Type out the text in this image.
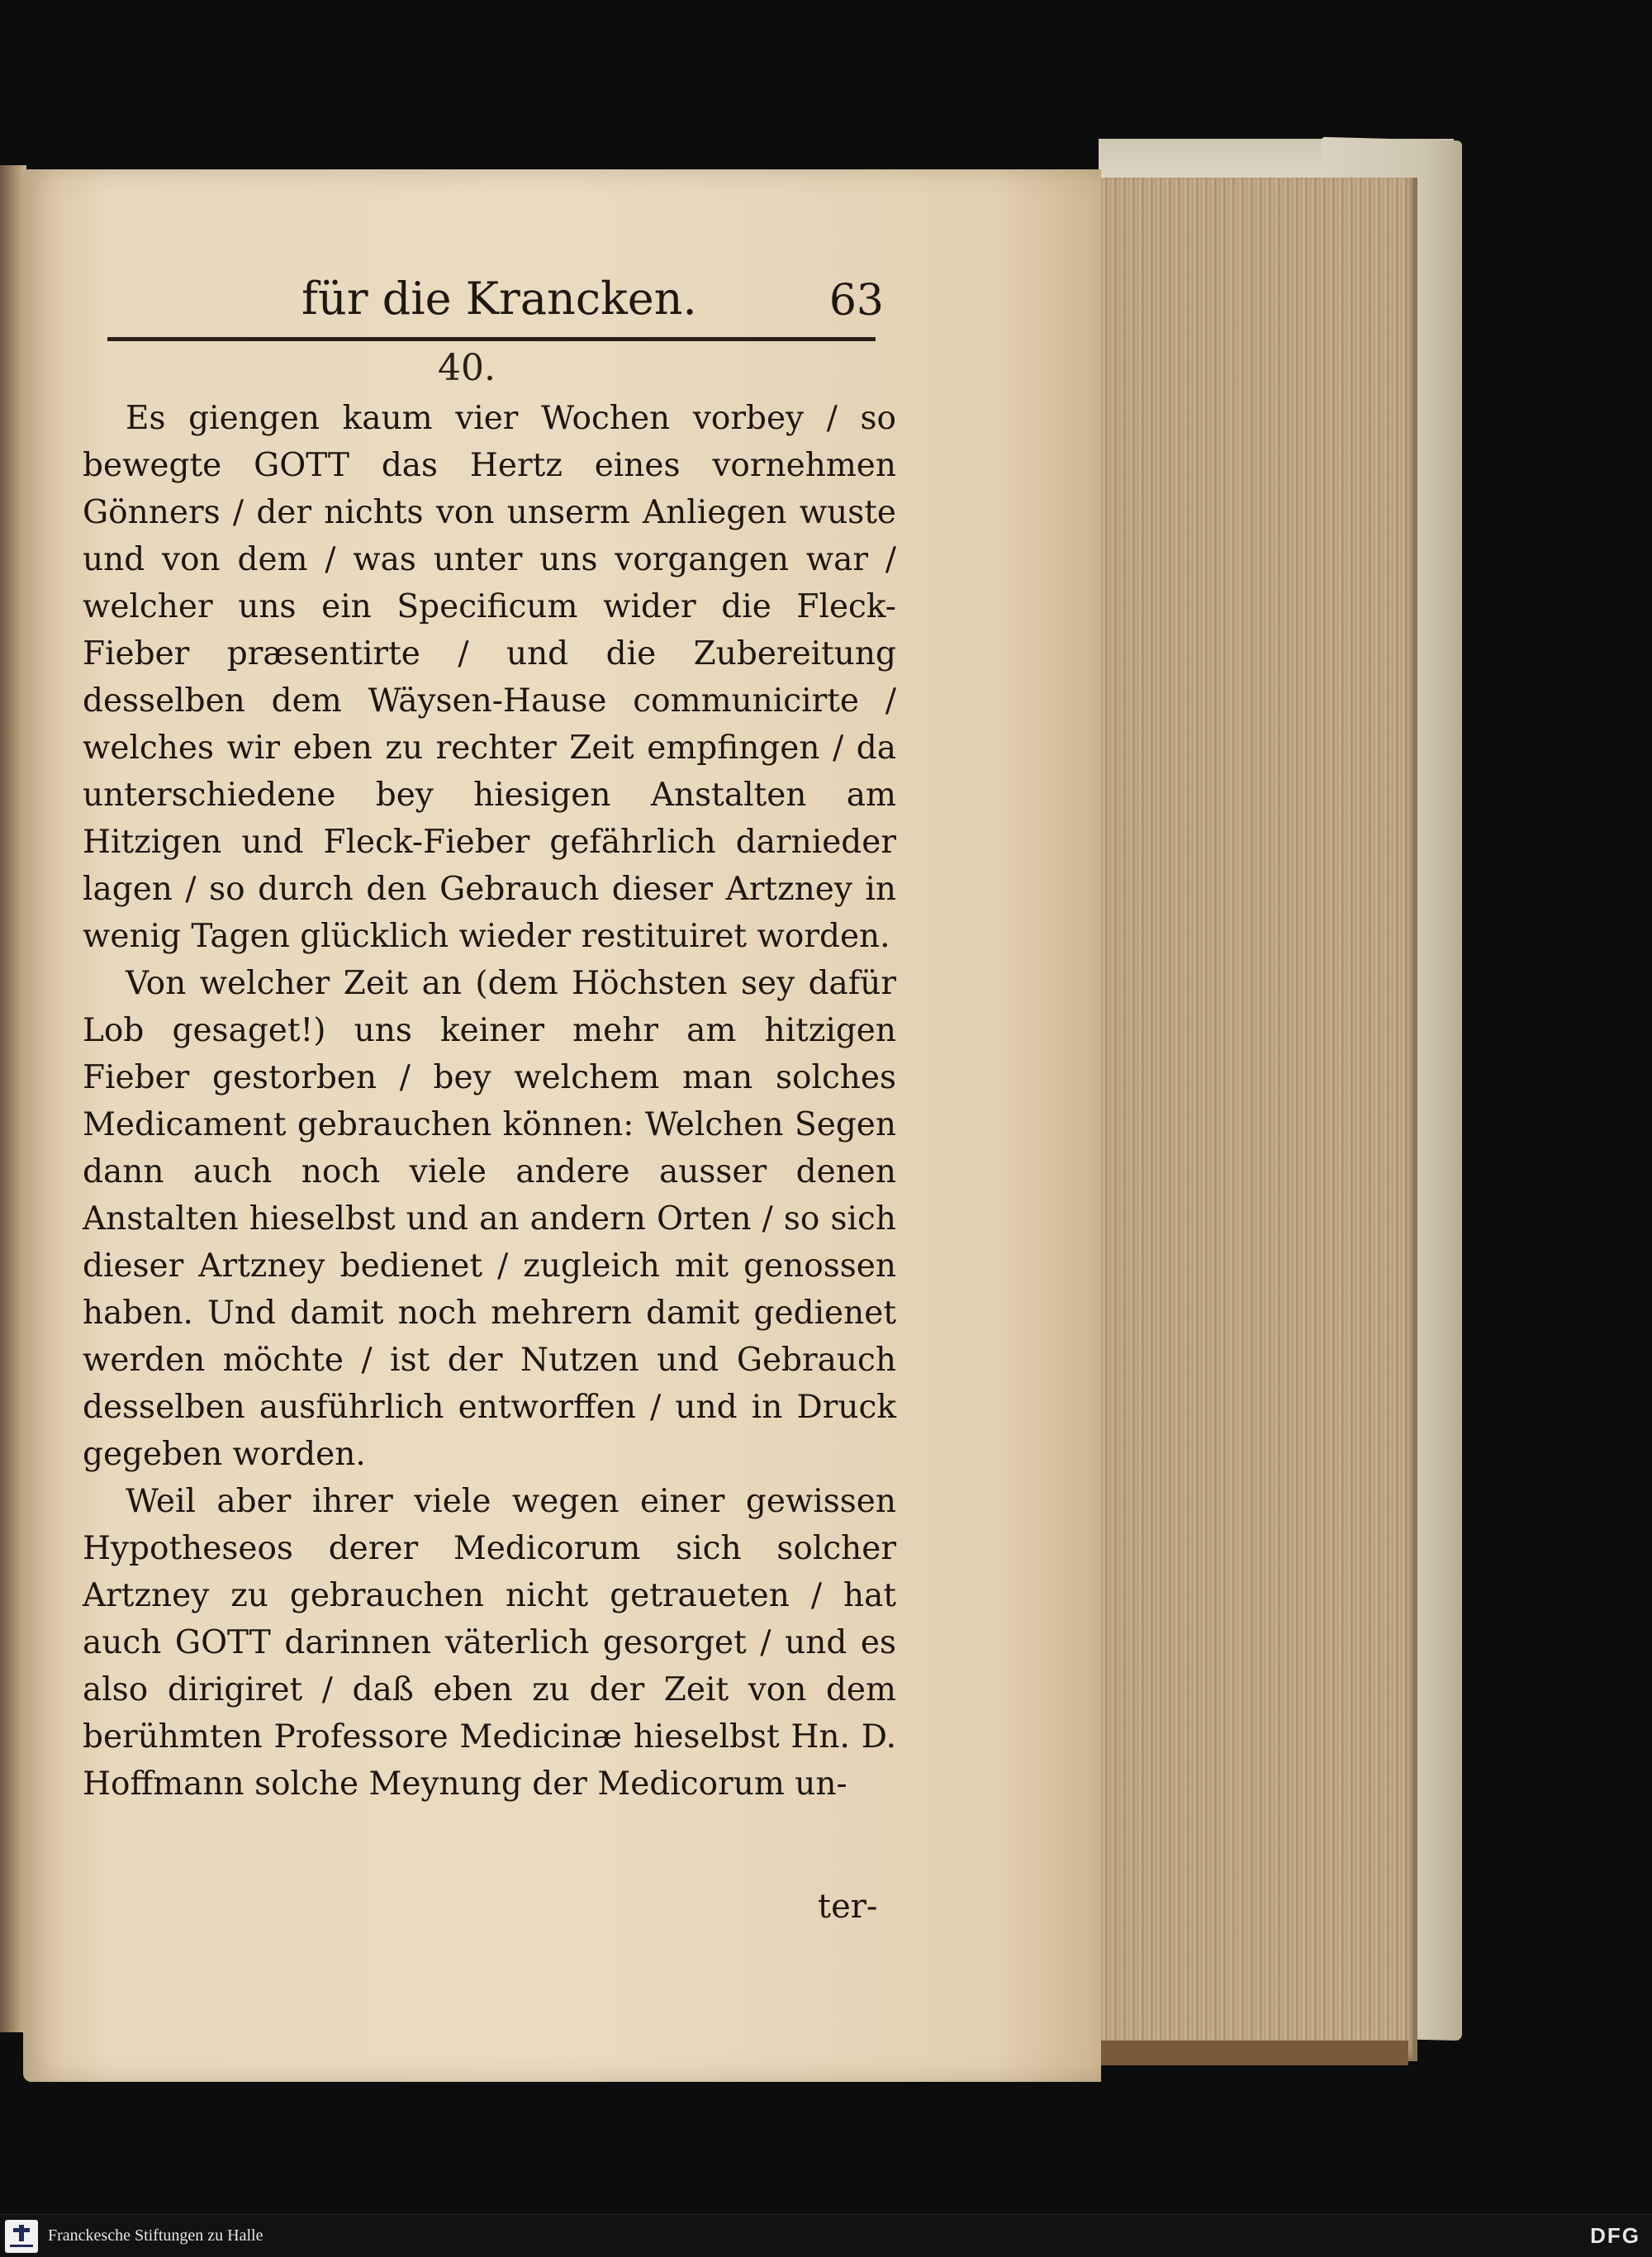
für die Krancken.	63
40.

Es giengen kaum vier Wochen vorbey / so bewegte GOTT das Hertz eines vornehmen Gönners / der nichts von unserm Anliegen wuste und von dem / was unter uns vorgangen war / welcher uns ein Specificum wider die Fleck-Fieber præsentirte / und die Zubereitung desselben dem Wäysen-Hause communicirte / welches wir eben zu rechter Zeit empfingen / da unterschiedene bey hiesigen Anstalten am Hitzigen und Fleck-Fieber gefährlich darnieder lagen / so durch den Gebrauch dieser Artzney in wenig Tagen glücklich wieder restituiret worden.

Von welcher Zeit an (dem Höchsten sey dafür Lob gesaget!) uns keiner mehr am hitzigen Fieber gestorben / bey welchem man solches Medicament gebrauchen können: Welchen Segen dann auch noch viele andere ausser denen Anstalten hieselbst und an andern Orten / so sich dieser Artzney bedienet / zugleich mit genossen haben. Und damit noch mehrern damit gedienet werden möchte / ist der Nutzen und Gebrauch desselben ausführlich entworffen / und in Druck gegeben worden.

Weil aber ihrer viele wegen einer gewissen Hypotheseos derer Medicorum sich solcher Artzney zu gebrauchen nicht getraueten / hat auch GOTT darinnen väterlich gesorget / und es also dirigiret / daß eben zu der Zeit von dem berühmten Professore Medicinæ hieselbst Hn. D. Hoffmann solche Meynung der Medicorum un-

ter-
Franckesche Stiftungen zu Halle	DFG
